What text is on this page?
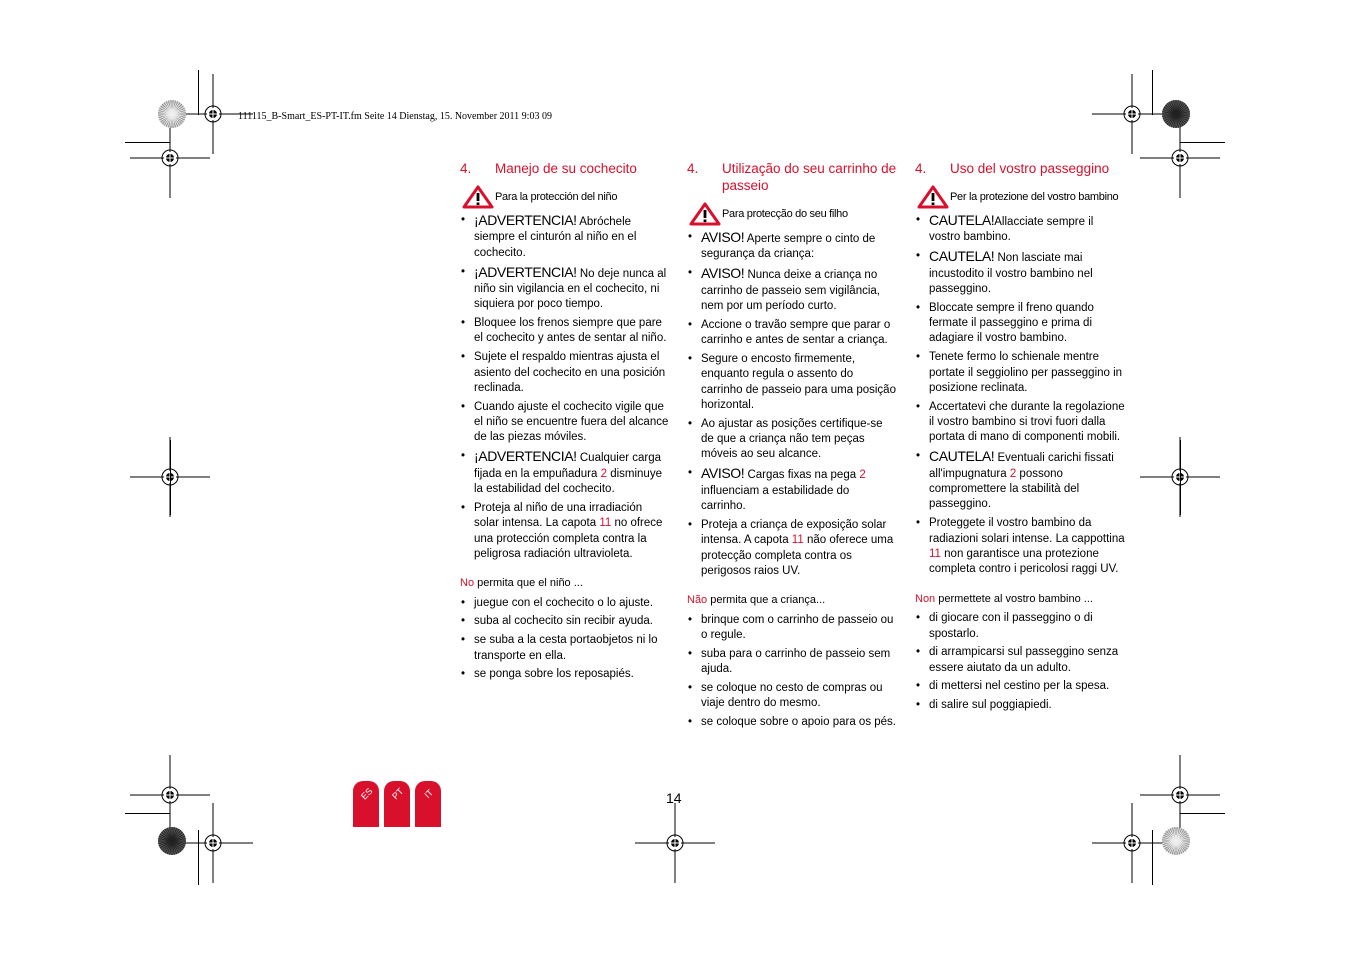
111115_B-Smart_ES-PT-IT.fm Seite 14 Dienstag, 15. November 2011 9:03 09
4. Manejo de su cochecito
Para la protección del niño
• ¡ADVERTENCIA! Abróchele siempre el cinturón al niño en el cochecito.
• ¡ADVERTENCIA! No deje nunca al niño sin vigilancia en el cochecito, ni siquiera por poco tiempo.
• Bloquee los frenos siempre que pare el cochecito y antes de sentar al niño.
• Sujete el respaldo mientras ajusta el asiento del cochecito en una posición reclinada.
• Cuando ajuste el cochecito vigile que el niño se encuentre fuera del alcance de las piezas móviles.
• ¡ADVERTENCIA! Cualquier carga fijada en la empuñadura 2 disminuye la estabilidad del cochecito.
• Proteja al niño de una irradiación solar intensa. La capota 11 no ofrece una protección completa contra la peligrosa radiación ultravioleta.
No permita que el niño ...
• juegue con el cochecito o lo ajuste.
• suba al cochecito sin recibir ayuda.
• se suba a la cesta portaobjetos ni lo transporte en ella.
• se ponga sobre los reposapiés.
4. Utilização do seu carrinho de passeio
Para protecção do seu filho
• AVISO! Aperte sempre o cinto de segurança da criança:
• AVISO! Nunca deixe a criança no carrinho de passeio sem vigilância, nem por um período curto.
• Accione o travão sempre que parar o carrinho e antes de sentar a criança.
• Segure o encosto firmemente, enquanto regula o assento do carrinho de passeio para uma posição horizontal.
• Ao ajustar as posições certifique-se de que a criança não tem peças móveis ao seu alcance.
• AVISO! Cargas fixas na pega 2 influenciam a estabilidade do carrinho.
• Proteja a criança de exposição solar intensa. A capota 11 não oferece uma protecção completa contra os perigosos raios UV.
Não permita que a criança...
• brinque com o carrinho de passeio ou o regule.
• suba para o carrinho de passeio sem ajuda.
• se coloque no cesto de compras ou viaje dentro do mesmo.
• se coloque sobre o apoio para os pés.
4. Uso del vostro passeggino
Per la protezione del vostro bambino
• CAUTELA!Allacciate sempre il vostro bambino.
• CAUTELA! Non lasciate mai incustodito il vostro bambino nel passeggino.
• Bloccate sempre il freno quando fermate il passeggino e prima di adagiare il vostro bambino.
• Tenete fermo lo schienale mentre portate il seggiolino per passeggino in posizione reclinata.
• Accertatevi che durante la regolazione il vostro bambino si trovi fuori dalla portata di mano di componenti mobili.
• CAUTELA! Eventuali carichi fissati all'impugnatura 2 possono compromettere la stabilità del passeggino.
• Proteggete il vostro bambino da radiazioni solari intense. La cappottina 11 non garantisce una protezione completa contro i pericolosi raggi UV.
Non permettete al vostro bambino ...
• di giocare con il passeggino o di spostarlo.
• di arrampicarsi sul passeggino senza essere aiutato da un adulto.
• di mettersi nel cestino per la spesa.
• di salire sul poggiapiedi.
14
ES PT IT
